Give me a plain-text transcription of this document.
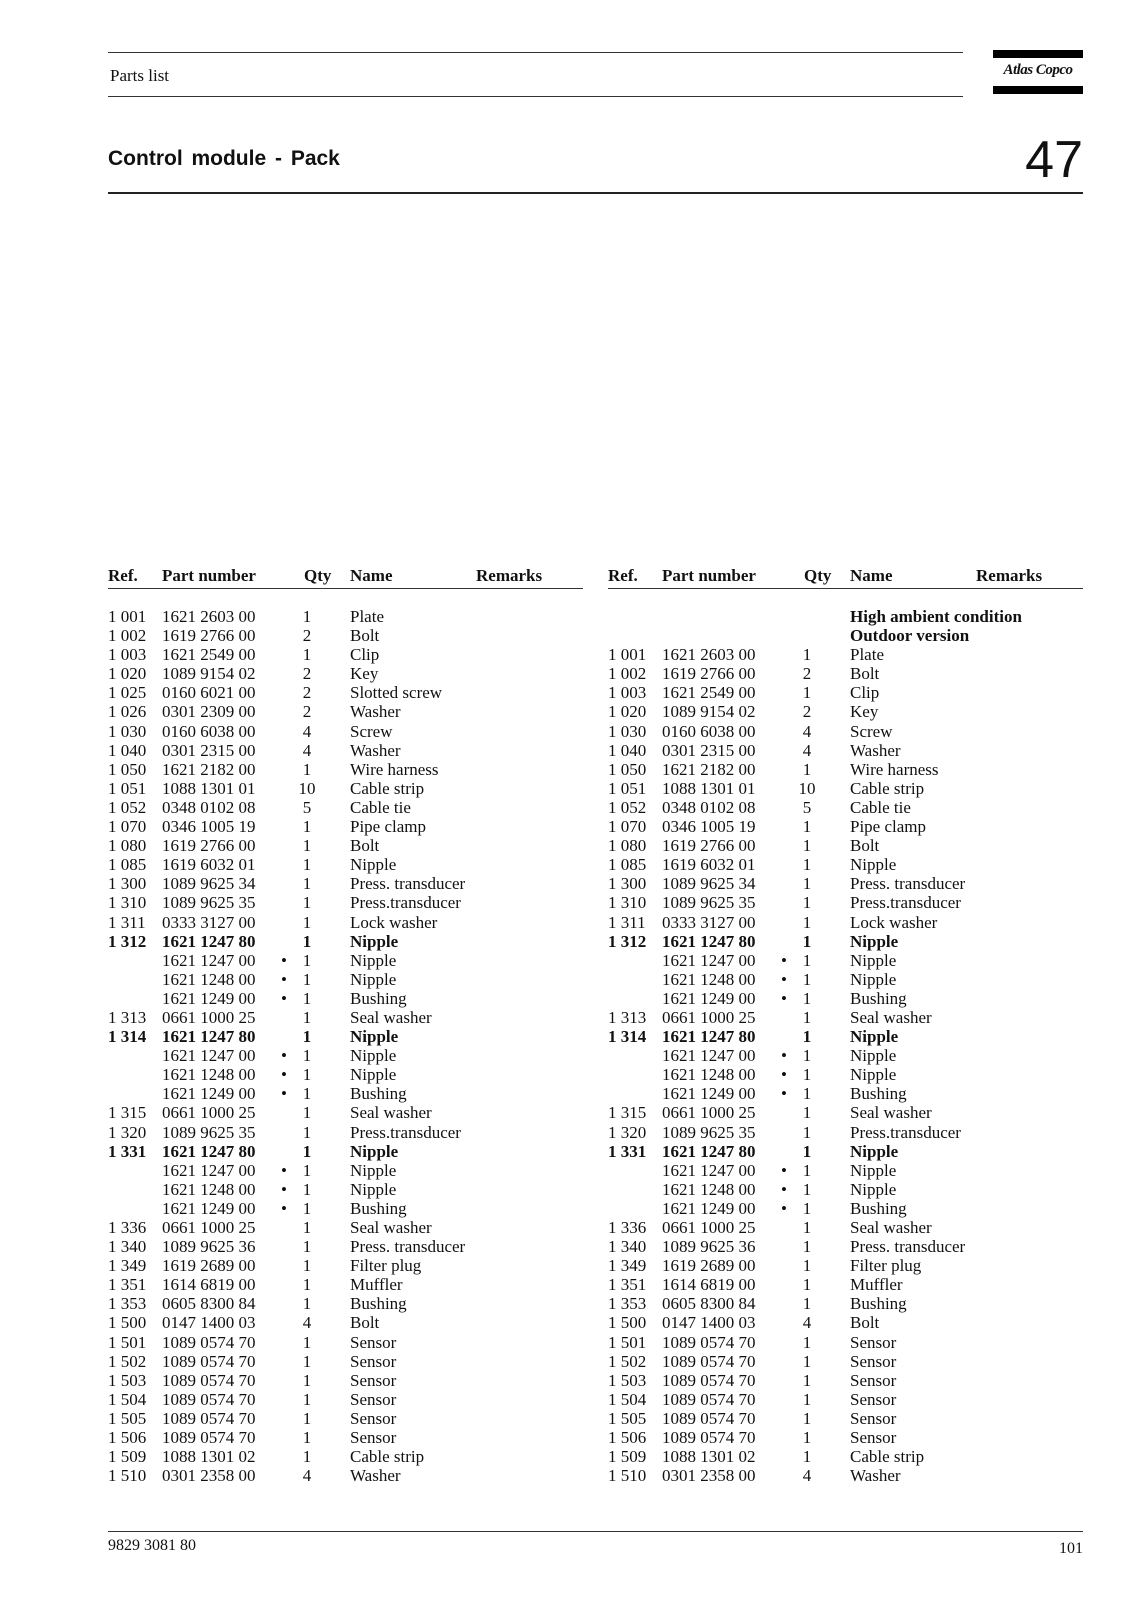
Parts list	Atlas Copco
Control module - Pack	47
Ref. Part number	Qty Name	Remarks
1 001 1621 2603 00	1	Plate
1 002 1619 2766 00	2	Bolt
1 003 1621 2549 00	1	Clip
1 020 1089 9154 02	2	Key
1 025 0160 6021 00	2	Slotted screw
1 026 0301 2309 00	2	Washer
1 030 0160 6038 00	4	Screw
1 040 0301 2315 00	4	Washer
1 050 1621 2182 00	1	Wire harness
1 051 1088 1301 01	10 Cable strip
1 052 0348 0102 08	5	Cable tie
1 070 0346 1005 19	1	Pipe clamp
1 080 1619 2766 00	1	Bolt
1 085 1619 6032 01	1	Nipple
1 300 1089 9625 34	1	Press. transducer
1 310 1089 9625 35	1	Press.transducer
1 311 0333 3127 00	1	Lock washer
1 312 1621 1247 80	1	Nipple
1621 1247 00 • 1	Nipple
1621 1248 00 • 1	Nipple
1621 1249 00 • 1	Bushing
1 313 0661 1000 25	1	Seal washer
1 314 1621 1247 80	1	Nipple
1621 1247 00 • 1	Nipple
1621 1248 00 • 1	Nipple
1621 1249 00 • 1	Bushing
1 315 0661 1000 25	1	Seal washer
1 320 1089 9625 35	1	Press.transducer
1 331 1621 1247 80	1	Nipple
1621 1247 00 • 1	Nipple
1621 1248 00 • 1	Nipple
1621 1249 00 • 1	Bushing
1 336 0661 1000 25	1	Seal washer
1 340 1089 9625 36	1	Press. transducer
1 349 1619 2689 00	1	Filter plug
1 351 1614 6819 00	1	Muffler
1 353 0605 8300 84	1	Bushing
1 500 0147 1400 03	4	Bolt
1 501 1089 0574 70	1	Sensor
1 502 1089 0574 70	1	Sensor
1 503 1089 0574 70	1	Sensor
1 504 1089 0574 70	1	Sensor
1 505 1089 0574 70	1	Sensor
1 506 1089 0574 70	1	Sensor
1 509 1088 1301 02	1	Cable strip
1 510 0301 2358 00	4	Washer
Ref. Part number	Qty Name	Remarks
High ambient condition
Outdoor version
1 001 1621 2603 00	1	Plate
1 002 1619 2766 00	2	Bolt
1 003 1621 2549 00	1	Clip
1 020 1089 9154 02	2	Key
1 030 0160 6038 00	4	Screw
1 040 0301 2315 00	4	Washer
1 050 1621 2182 00	1	Wire harness
1 051 1088 1301 01	10 Cable strip
1 052 0348 0102 08	5	Cable tie
1 070 0346 1005 19	1	Pipe clamp
1 080 1619 2766 00	1	Bolt
1 085 1619 6032 01	1	Nipple
1 300 1089 9625 34	1	Press. transducer
1 310 1089 9625 35	1	Press.transducer
1 311 0333 3127 00	1	Lock washer
1 312 1621 1247 80	1	Nipple
1621 1247 00 • 1	Nipple
1621 1248 00 • 1	Nipple
1621 1249 00 • 1	Bushing
1 313 0661 1000 25	1	Seal washer
1 314 1621 1247 80	1	Nipple
1621 1247 00 • 1	Nipple
1621 1248 00 • 1	Nipple
1621 1249 00 • 1	Bushing
1 315 0661 1000 25	1	Seal washer
1 320 1089 9625 35	1	Press.transducer
1 331 1621 1247 80	1	Nipple
1621 1247 00 • 1	Nipple
1621 1248 00 • 1	Nipple
1621 1249 00 • 1	Bushing
1 336 0661 1000 25	1	Seal washer
1 340 1089 9625 36	1	Press. transducer
1 349 1619 2689 00	1	Filter plug
1 351 1614 6819 00	1	Muffler
1 353 0605 8300 84	1	Bushing
1 500 0147 1400 03	4	Bolt
1 501 1089 0574 70	1	Sensor
1 502 1089 0574 70	1	Sensor
1 503 1089 0574 70	1	Sensor
1 504 1089 0574 70	1	Sensor
1 505 1089 0574 70	1	Sensor
1 506 1089 0574 70	1	Sensor
1 509 1088 1301 02	1	Cable strip
1 510 0301 2358 00	4	Washer
9829 3081 80	101
